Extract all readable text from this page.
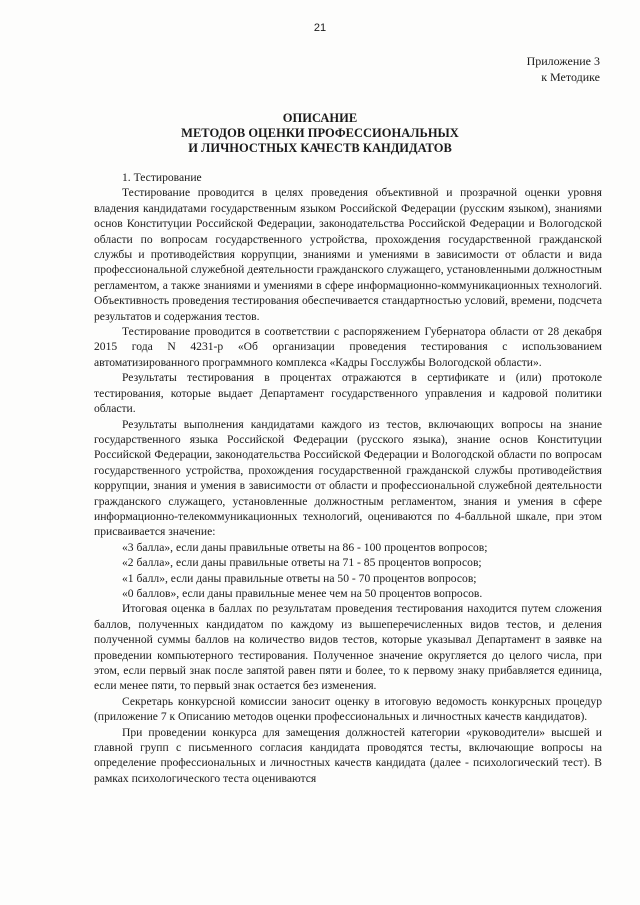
21
Приложение 3
к Методике
ОПИСАНИЕ
МЕТОДОВ ОЦЕНКИ ПРОФЕССИОНАЛЬНЫХ
И ЛИЧНОСТНЫХ КАЧЕСТВ КАНДИДАТОВ

1. Тестирование

Тестирование проводится в целях проведения объективной и прозрачной оценки уровня владения кандидатами государственным языком Российской Федерации (русским языком), знаниями основ Конституции Российской Федерации, законодательства Российской Федерации и Вологодской области по вопросам государственного устройства, прохождения государственной гражданской службы и противодействия коррупции, знаниями и умениями в зависимости от области и вида профессиональной служебной деятельности гражданского служащего, установленными должностным регламентом, а также знаниями и умениями в сфере информационно-коммуникационных технологий. Объективность проведения тестирования обеспечивается стандартностью условий, времени, подсчета результатов и содержания тестов.

Тестирование проводится в соответствии с распоряжением Губернатора области от 28 декабря 2015 года N 4231-р «Об организации проведения тестирования с использованием автоматизированного программного комплекса «Кадры Госслужбы Вологодской области».

Результаты тестирования в процентах отражаются в сертификате и (или) протоколе тестирования, которые выдает Департамент государственного управления и кадровой политики области.

Результаты выполнения кандидатами каждого из тестов, включающих вопросы на знание государственного языка Российской Федерации (русского языка), знание основ Конституции Российской Федерации, законодательства Российской Федерации и Вологодской области по вопросам государственного устройства, прохождения государственной гражданской службы противодействия коррупции, знания и умения в зависимости от области и профессиональной служебной деятельности гражданского служащего, установленные должностным регламентом, знания и умения в сфере информационно-телекоммуникационных технологий, оцениваются по 4-балльной шкале, при этом присваивается значение:

«3 балла», если даны правильные ответы на 86 - 100 процентов вопросов;

«2 балла», если даны правильные ответы на 71 - 85 процентов вопросов;

«1 балл», если даны правильные ответы на 50 - 70 процентов вопросов;

«0 баллов», если даны правильные менее чем на 50 процентов вопросов.

Итоговая оценка в баллах по результатам проведения тестирования находится путем сложения баллов, полученных кандидатом по каждому из вышеперечисленных видов тестов, и деления полученной суммы баллов на количество видов тестов, которые указывал Департамент в заявке на проведении компьютерного тестирования. Полученное значение округляется до целого числа, при этом, если первый знак после запятой равен пяти и более, то к первому знаку прибавляется единица, если менее пяти, то первый знак остается без изменения.

Секретарь конкурсной комиссии заносит оценку в итоговую ведомость конкурсных процедур (приложение 7 к Описанию методов оценки профессиональных и личностных качеств кандидатов).

При проведении конкурса для замещения должностей категории «руководители» высшей и главной групп с письменного согласия кандидата проводятся тесты, включающие вопросы на определение профессиональных и личностных качеств кандидата (далее - психологический тест). В рамках психологического теста оцениваются
